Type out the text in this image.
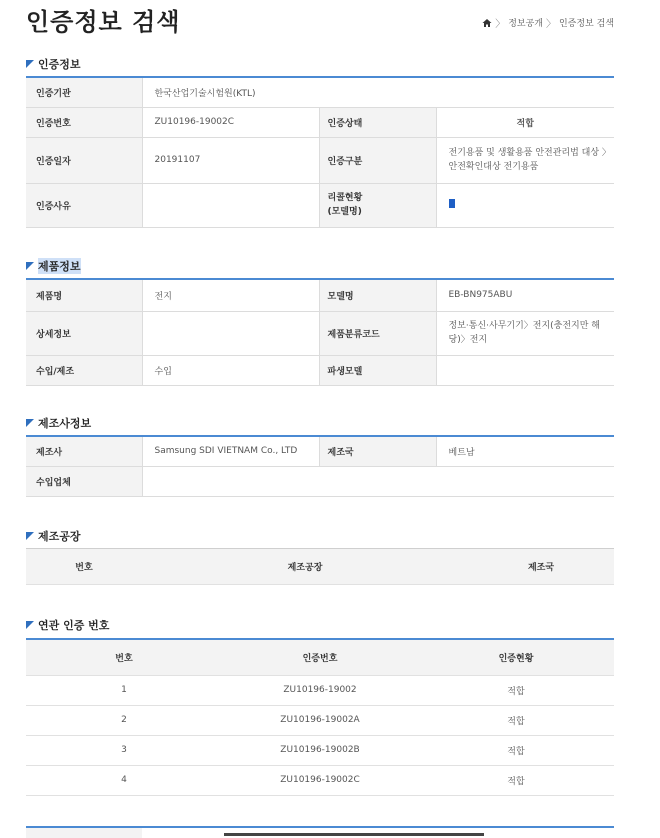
인증정보 검색	〉 정보공개 〉 인증정보 검색
인증정보
인증기관	한국산업기술시험원(KTL)		
인증번호	ZU10196-19002C	인증상태	적합
인증일자	20191107	인증구분	전기용품 및 생활용품 안전관리법 대상 〉안전확인대상 전기용품
인증사유		리콜현황
(모델명)	

제품정보
제품명	전지	모델명	EB-BN975ABU
상세정보		제품분류코드	정보·통신·사무기기〉전지(충전지만 해당)〉전지
수입/제조	수입	파생모델	
제조사정보
제조사	Samsung SDI VIETNAM Co., LTD	제조국	베트남
수입업체			
제조공장
번호	제조공장	제조국
연관 인증 번호
번호	인증번호	인증현황
1	ZU10196-19002	적합
2	ZU10196-19002A	적합
3	ZU10196-19002B	적합
4	ZU10196-19002C	적합
